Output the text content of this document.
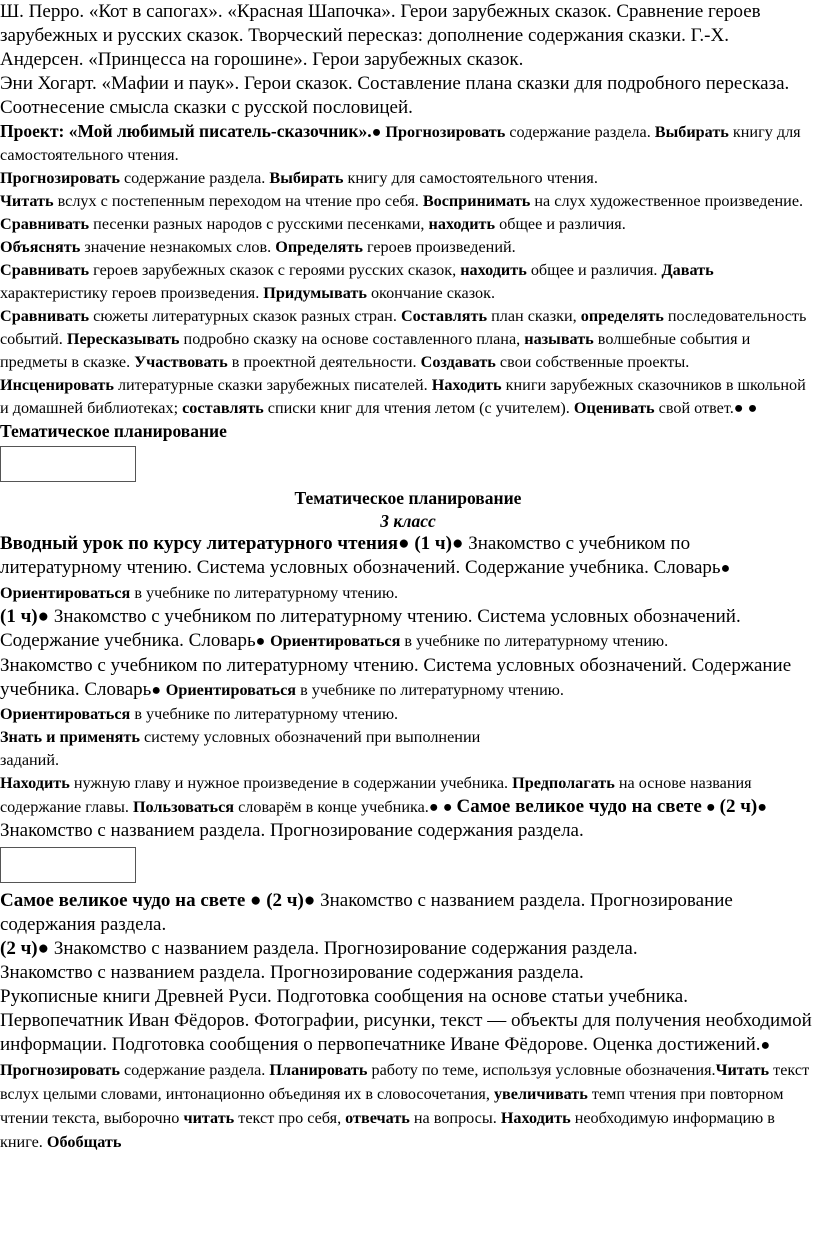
Ш. Перро. «Кот в сапогах». «Красная Шапочка». Герои зарубежных сказок. Сравнение героев зарубежных и русских сказок. Творческий пересказ: дополнение содержания сказки. Г.-Х. Андерсен. «Принцесса на горошине». Герои зарубежных сказок.

Эни Хогарт. «Мафии и паук». Герои сказок. Составление плана сказки для подробного пересказа. Соотнесение смысла сказки с русской пословицей.

Проект: «Мой любимый писатель-сказочник».● Прогнозировать содержание раздела. Выбирать книгу для самостоятельного чтения.

Прогнозировать содержание раздела. Выбирать книгу для самостоятельного чтения.

Читать вслух с постепенным переходом на чтение про себя. Воспринимать на слух художественное произведение. Сравнивать песенки разных народов с русскими песенками, находить общее и различия.

Объяснять значение незнакомых слов. Определять героев произведений.

Сравнивать героев зарубежных сказок с героями русских сказок, находить общее и различия. Давать характеристику героев произведения. Придумывать окончание сказок.

Сравнивать сюжеты литературных сказок разных стран. Составлять план сказки, определять последовательность событий. Пересказывать подробно сказку на основе составленного плана, называть волшебные события и предметы в сказке. Участвовать в проектной деятельности. Создавать свои собственные проекты.

Инсценировать литературные сказки зарубежных писателей. Находить книги зарубежных сказочников в школьной и домашней библиотеках; составлять списки книг для чтения летом (с учителем). Оценивать свой ответ.● ● Тематическое планирование

Тематическое планирование

3 класс

Вводный урок по курсу литературного чтения● (1 ч)● Знакомство с учебником по литературному чтению. Система условных обозначений. Содержание учебника. Словарь● Ориентироваться в учебнике по литературному чтению.

(1 ч)● Знакомство с учебником по литературному чтению. Система условных обозначений. Содержание учебника. Словарь● Ориентироваться в учебнике по литературному чтению.

Знакомство с учебником по литературному чтению. Система условных обозначений. Содержание учебника. Словарь● Ориентироваться в учебнике по литературному чтению.

Ориентироваться в учебнике по литературному чтению.

Знать и применять систему условных обозначений при выполнении
заданий.

Находить нужную главу и нужное произведение в содержании учебника. Предполагать на основе названия содержание главы. Пользоваться словарём в конце учебника.● ● Самое великое чудо на свете ● (2 ч)● Знакомство с названием раздела. Прогнозирование содержания раздела.

Самое великое чудо на свете ● (2 ч)● Знакомство с названием раздела. Прогнозирование содержания раздела.

(2 ч)● Знакомство с названием раздела. Прогнозирование содержания раздела.

Знакомство с названием раздела. Прогнозирование содержания раздела.

Рукописные книги Древней Руси. Подготовка сообщения на основе статьи учебника. Первопечатник Иван Фёдоров. Фотографии, рисунки, текст — объекты для получения необходимой информации. Подготовка сообщения о первопечатнике Иване Фёдорове. Оценка достижений.● Прогнозировать содержание раздела. Планировать работу по теме, используя условные обозначения.Читать текст вслух целыми словами, интонационно объединяя их в словосочетания, увеличивать темп чтения при повторном чтении текста, выборочно читать текст про себя, отвечать на вопросы. Находить необходимую информацию в книге. Обобщать
